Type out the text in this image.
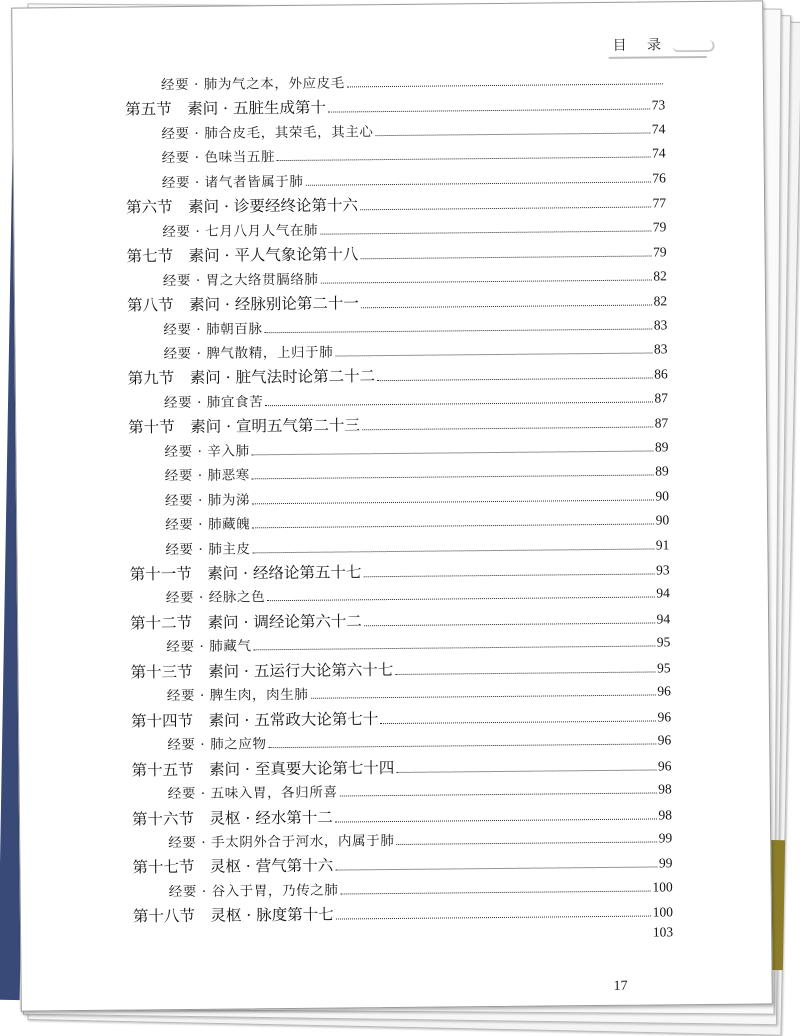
目 录
经要 · 肺为气之本，外应皮毛
第五节　素问 · 五脏生成第十	73
经要 · 肺合皮毛，其荣毛，其主心	74
经要 · 色味当五脏	74
经要 · 诸气者皆属于肺	76
第六节　素问 · 诊要经终论第十六	77
经要 · 七月八月人气在肺	79
第七节　素问 · 平人气象论第十八	79
经要 · 胃之大络贯膈络肺	82
第八节　素问 · 经脉别论第二十一	82
经要 · 肺朝百脉	83
经要 · 脾气散精，上归于肺	83
第九节　素问 · 脏气法时论第二十二	86
经要 · 肺宜食苦	87
第十节　素问 · 宣明五气第二十三	87
经要 · 辛入肺	89
经要 · 肺恶寒	89
经要 · 肺为涕	90
经要 · 肺藏魄	90
经要 · 肺主皮	91
第十一节　素问 · 经络论第五十七	93
经要 · 经脉之色	94
第十二节　素问 · 调经论第六十二	94
经要 · 肺藏气	95
第十三节　素问 · 五运行大论第六十七	95
经要 · 脾生肉，肉生肺	96
第十四节　素问 · 五常政大论第七十	96
经要 · 肺之应物	96
第十五节　素问 · 至真要大论第七十四	96
经要 · 五味入胃，各归所喜	98
第十六节　灵枢 · 经水第十二	98
经要 · 手太阴外合于河水，内属于肺	99
第十七节　灵枢 · 营气第十六	99
经要 · 谷入于胃，乃传之肺	100
第十八节　灵枢 · 脉度第十七	100
103
17
